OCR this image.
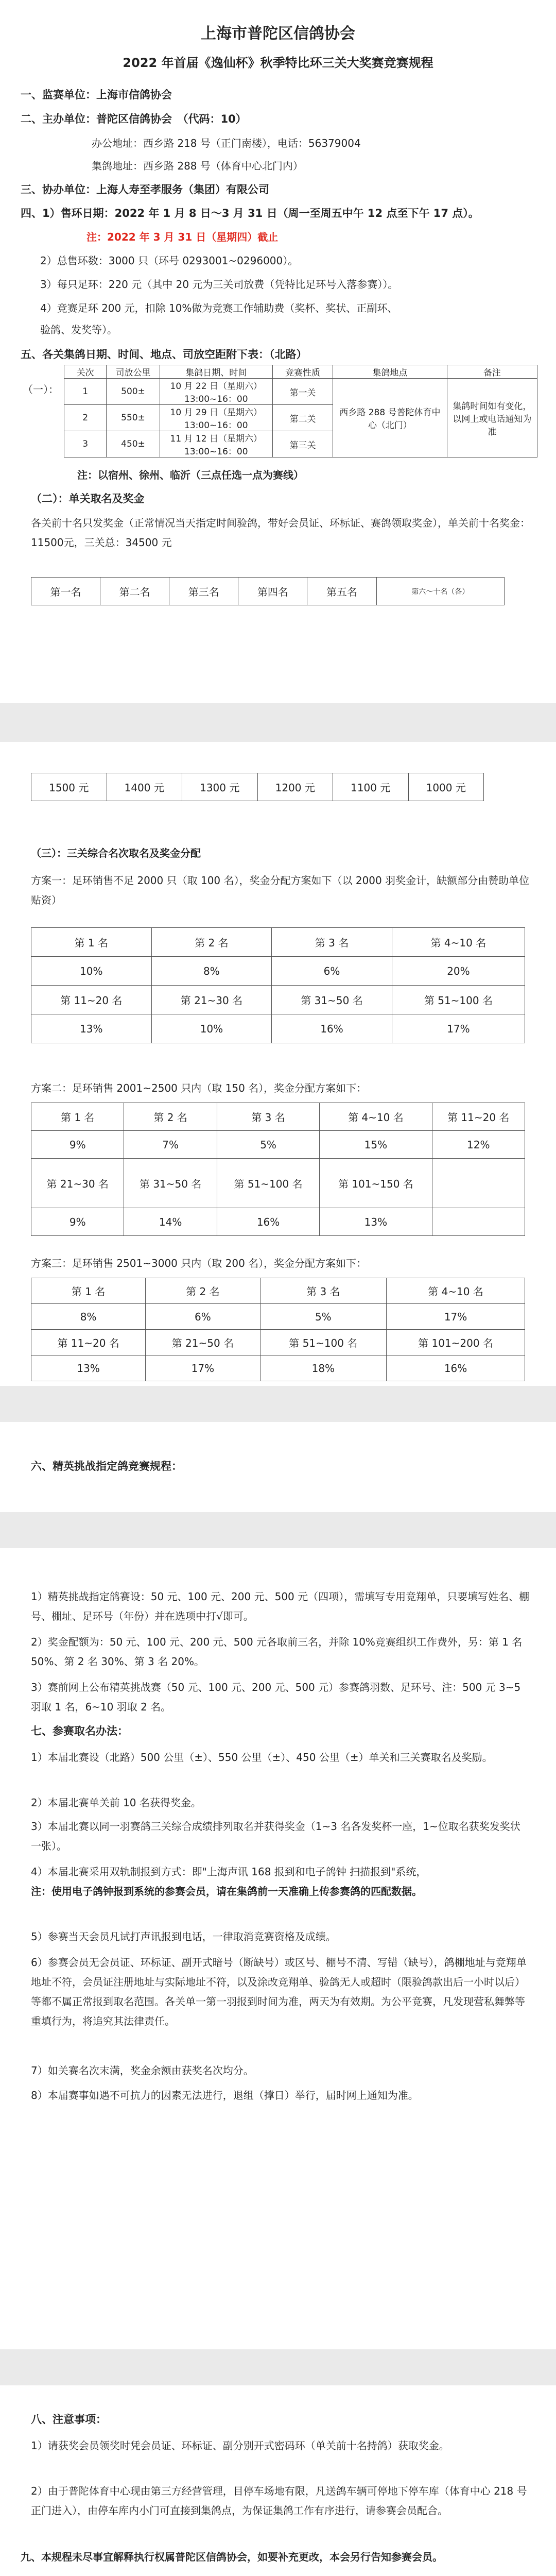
上海市普陀区信鸽协会
2022 年首届《逸仙杯》秋季特比环三关大奖赛竞赛规程
一、监赛单位：上海市信鸽协会
二、主办单位：普陀区信鸽协会　（代码：10）
办公地址：西乡路 218 号（正门南楼），电话：56379004
集鸽地址：西乡路 288 号（体育中心北门内）
三、协办单位：上海人寿至孝服务（集团）有限公司
四、1）售环日期：2022 年 1 月 8 日～3 月 31 日（周一至周五中午 12 点至下午 17 点）。
注：2022 年 3 月 31 日（星期四）截止
2）总售环数：3000 只（环号 0293001~0296000）。
3）每只足环：220 元（其中 20 元为三关司放费（凭特比足环号入落参赛））。
4）竞赛足环 200 元，扣除 10%做为竞赛工作辅助费（奖杯、奖状、正副环、
验鸽、发奖等）。
五、各关集鸽日期、时间、地点、司放空距附下表：（北路）
（一）：
关次	司放公里	集鸽日期、时间	竞赛性质	集鸽地点	备注
1	500±	10 月 22 日（星期六）
13:00~16：00	第一关	西乡路 288 号普陀体育中心（北门）	集鸽时间如有变化，以网上或电话通知为准
2	550±	10 月 29 日（星期六）
13:00~16：00	第二关		
3	450±	11 月 12 日（星期六）
13:00~16：00	第三关		
注：以宿州、徐州、临沂（三点任选一点为赛线）
（二）：单关取名及奖金
各关前十名只发奖金（正常情况当天指定时间验鸽，带好会员证、环标证、赛鸽领取奖金），单关前十名奖金：11500元，三关总：34500 元
第一名	第二名	第三名	第四名	第五名	第六～十名（各）
1500 元	1400 元	1300 元	1200 元	1100 元	1000 元
（三）：三关综合名次取名及奖金分配
方案一：足环销售不足 2000 只（取 100 名），奖金分配方案如下（以 2000 羽奖金计，缺额部分由赞助单位贴资）
第 1 名	第 2 名	第 3 名	第 4~10 名
10%	8%	6%	20%
第 11~20 名	第 21~30 名	第 31~50 名	第 51~100 名
13%	10%	16%	17%
方案二：足环销售 2001~2500 只内（取 150 名），奖金分配方案如下：
第 1 名	第 2 名	第 3 名	第 4~10 名	第 11~20 名
9%	7%	5%	15%	12%
第 21~30 名	第 31~50 名	第 51~100 名	第 101~150 名	
9%	14%	16%	13%	
方案三：足环销售 2501~3000 只内（取 200 名），奖金分配方案如下：
第 1 名	第 2 名	第 3 名	第 4~10 名
8%	6%	5%	17%
第 11~20 名	第 21~50 名	第 51~100 名	第 101~200 名
13%	17%	18%	16%
六、精英挑战指定鸽竞赛规程：
1）精英挑战指定鸽赛设：50 元、100 元、200 元、500 元（四项），需填写专用竞翔单，只要填写姓名、棚号、棚址、足环号（年份）并在选项中打√即可。
2）奖金配额为：50 元、100 元、200 元、500 元各取前三名，并除 10%竞赛组织工作费外，另：第 1 名 50%、第 2 名 30%、第 3 名 20%。
3）赛前网上公布精英挑战赛（50 元、100 元、200 元、500 元）参赛鸽羽数、足环号、注：500 元 3~5 羽取 1 名，6~10 羽取 2 名。
七、参赛取名办法：
1）本届北赛设（北路）500 公里（±）、550 公里（±）、450 公里（±）单关和三关赛取名及奖励。
2）本届北赛单关前 10 名获得奖金。
3）本届北赛以同一羽赛鸽三关综合成绩排列取名并获得奖金（1~3 名各发奖杯一座，1~位取名获奖发奖状一张）。
4）本届北赛采用双轨制报到方式：即"上海声讯 168 报到和电子鸽钟 扫描报到"系统，
注：使用电子鸽钟报到系统的参赛会员，请在集鸽前一天准确上传参赛鸽的匹配数据。
5）参赛当天会员凡试打声讯报到电话，一律取消竞赛资格及成绩。
6）参赛会员无会员证、环标证、副开式暗号（断缺号）或区号、棚号不清、写错（缺号），鸽棚地址与竞翔单地址不符，会员证注册地址与实际地址不符，以及涂改竞翔单、验鸽无人或超时（限验鸽款出后一小时以后）等都不属正常报到取名范围。各关单一第一羽报到时间为准，两天为有效期。为公平竞赛，凡发现营私舞弊等重填行为，将追究其法律责任。
7）如关赛名次末满，奖金余额由获奖名次均分。
8）本届赛事如遇不可抗力的因素无法进行，退组（撑日）举行，届时网上通知为准。
八、注意事项：
1）请获奖会员领奖时凭会员证、环标证、副分别开式密码环（单关前十名持鸽）获取奖金。
2）由于普陀体育中心现由第三方经营管理，目停车场地有限，凡送鸽车辆可停地下停车库（体育中心 218 号正门进入），由停车库内小门可直接到集鸽点，为保证集鸽工作有序进行，请参赛会员配合。
九、本规程未尽事宜解释执行权属普陀区信鸽协会，如要补充更改，本会另行告知参赛会员。
